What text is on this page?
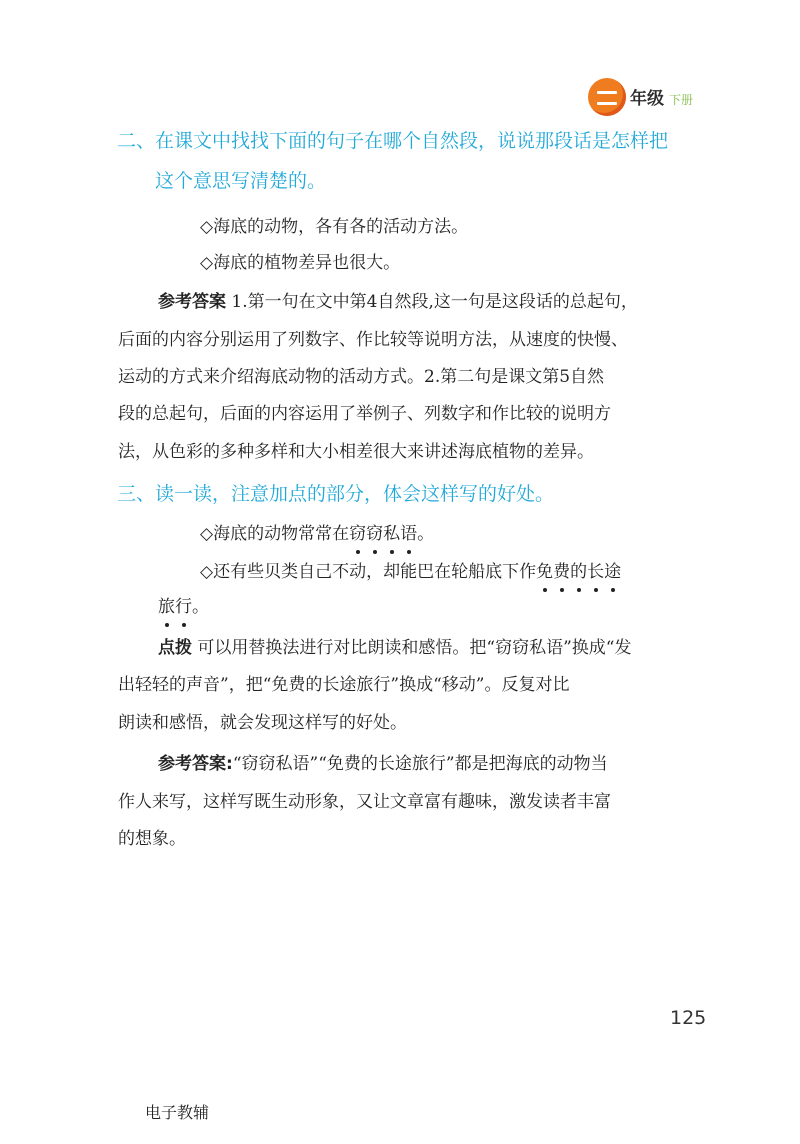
年级 下册
二、在课文中找找下面的句子在哪个自然段，说说那段话是怎样把
这个意思写清楚的。
◇海底的动物，各有各的活动方法。
◇海底的植物差异也很大。
参考答案 1.第一句在文中第4自然段,这一句是这段话的总起句，
后面的内容分别运用了列数字、作比较等说明方法，从速度的快慢、
运动的方式来介绍海底动物的活动方式。2.第二句是课文第5自然
段的总起句，后面的内容运用了举例子、列数字和作比较的说明方
法，从色彩的多种多样和大小相差很大来讲述海底植物的差异。
三、读一读，注意加点的部分，体会这样写的好处。
◇海底的动物常常在窃
窃
私
语
。
◇还有些贝类自己不动，却能巴在轮船底下作免
费
的
长
途
旅
行
。
点拨 可以用替换法进行对比朗读和感悟。把“窃窃私语”换成“发
出轻轻的声音”，把“免费的长途旅行”换成“移动”。反复对比
朗读和感悟，就会发现这样写的好处。
参考答案:“窃窃私语”“免费的长途旅行”都是把海底的动物当
作人来写，这样写既生动形象，又让文章富有趣味，激发读者丰富
的想象。
125
电子教辅
